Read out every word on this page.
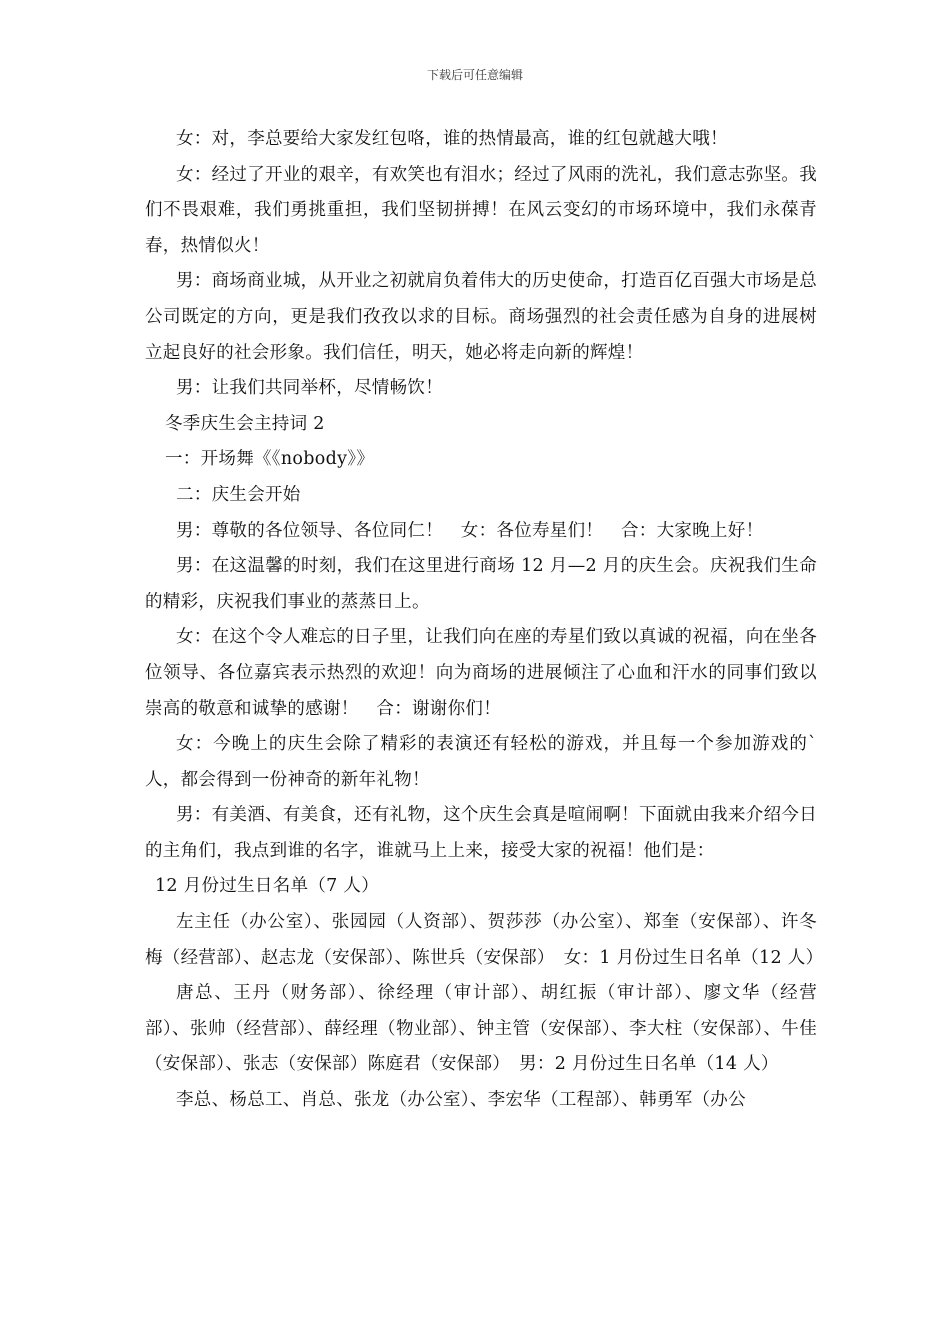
下载后可任意编辑

女：对，李总要给大家发红包咯，谁的热情最高，谁的红包就越大哦！

女：经过了开业的艰辛，有欢笑也有泪水；经过了风雨的洗礼，我们意志弥坚。我们不畏艰难，我们勇挑重担，我们坚韧拼搏！在风云变幻的市场环境中，我们永葆青春，热情似火！

男：商场商业城，从开业之初就肩负着伟大的历史使命，打造百亿百强大市场是总公司既定的方向，更是我们孜孜以求的目标。商场强烈的社会责任感为自身的进展树立起良好的社会形象。我们信任，明天，她必将走向新的辉煌！

男：让我们共同举杯，尽情畅饮！

冬季庆生会主持词 2

一：开场舞《《nobody》》

二：庆生会开始

男：尊敬的各位领导、各位同仁！　女：各位寿星们！　合：大家晚上好！

男：在这温馨的时刻，我们在这里进行商场 12 月—2 月的庆生会。庆祝我们生命的精彩，庆祝我们事业的蒸蒸日上。

女：在这个令人难忘的日子里，让我们向在座的寿星们致以真诚的祝福，向在坐各位领导、各位嘉宾表示热烈的欢迎！向为商场的进展倾注了心血和汗水的同事们致以崇高的敬意和诚挚的感谢！　合：谢谢你们！

女：今晚上的庆生会除了精彩的表演还有轻松的游戏，并且每一个参加游戏的`人，都会得到一份神奇的新年礼物！

男：有美酒、有美食，还有礼物，这个庆生会真是喧闹啊！下面就由我来介绍今日的主角们，我点到谁的名字，谁就马上上来，接受大家的祝福！他们是：

12 月份过生日名单（7 人）

左主任（办公室）、张园园（人资部）、贺莎莎（办公室）、郑奎（安保部）、许冬梅（经营部）、赵志龙（安保部）、陈世兵（安保部）　女：1 月份过生日名单（12 人）

唐总、王丹（财务部）、徐经理（审计部）、胡红振（审计部）、廖文华（经营部）、张帅（经营部）、薛经理（物业部）、钟主管（安保部）、李大柱（安保部）、牛佳（安保部）、张志（安保部）陈庭君（安保部）　男：2 月份过生日名单（14 人）

李总、杨总工、肖总、张龙（办公室）、李宏华（工程部）、韩勇军（办公
